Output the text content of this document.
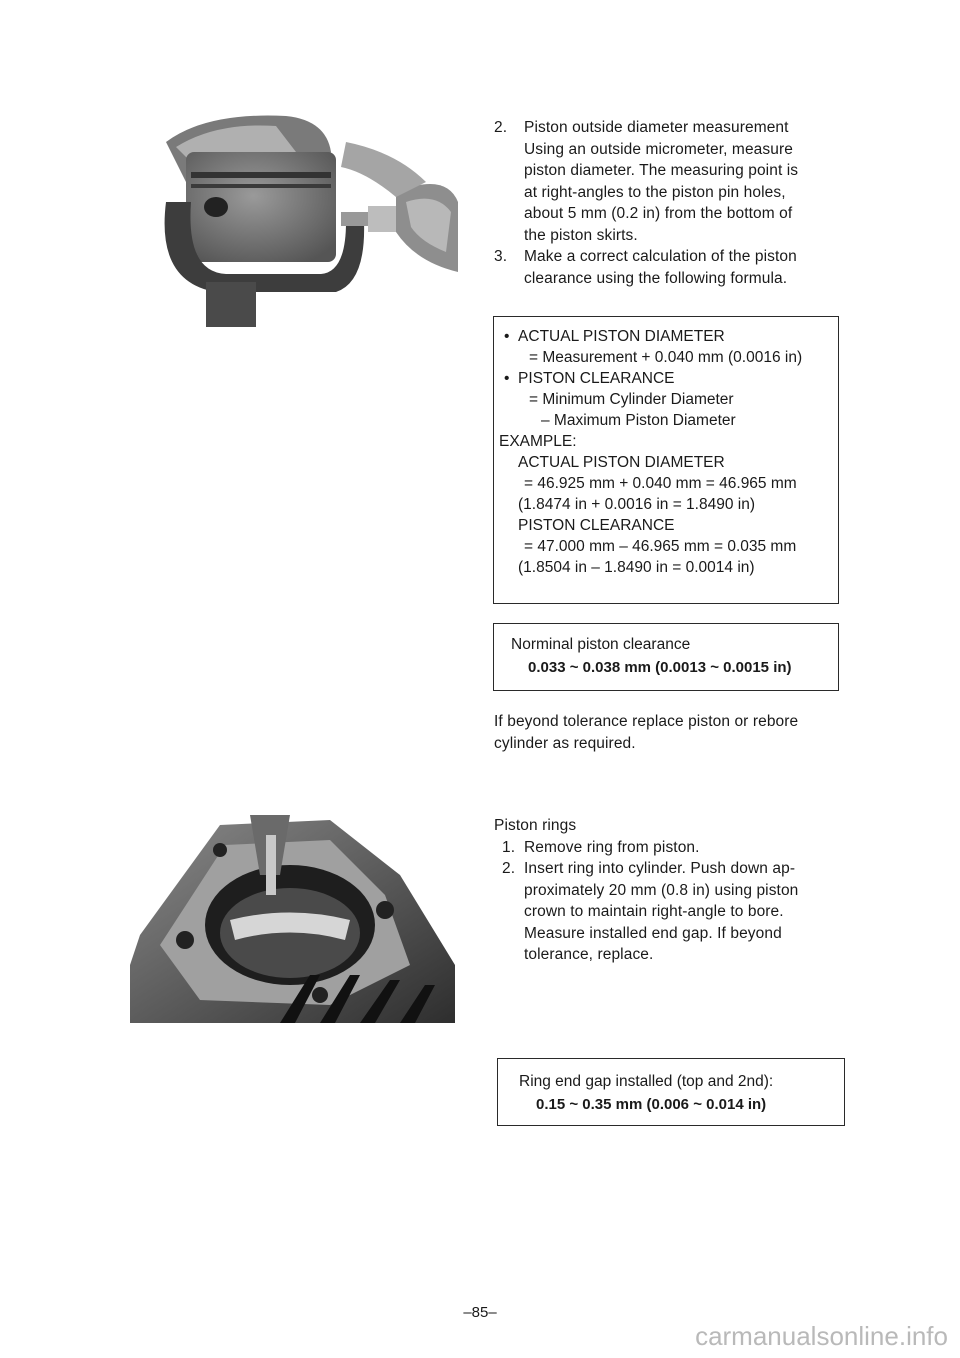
2.	Piston outside diameter measurement

Using an outside micrometer, measure

piston diameter. The measuring point is

at right-angles to the piston pin holes,

about 5 mm (0.2 in) from the bottom of

the piston skirts.

3.	Make a correct calculation of the piston

clearance using the following formula.

•  ACTUAL PISTON DIAMETER
= Measurement + 0.040 mm (0.0016 in)
•  PISTON CLEARANCE
= Minimum Cylinder Diameter
– Maximum Piston Diameter
EXAMPLE:
ACTUAL PISTON DIAMETER
= 46.925 mm + 0.040 mm = 46.965 mm
(1.8474 in + 0.0016 in = 1.8490 in)
PISTON CLEARANCE
= 47.000 mm – 46.965 mm = 0.035 mm
(1.8504 in – 1.8490 in = 0.0014 in)
Norminal piston clearance
0.033 ~ 0.038 mm (0.0013 ~ 0.0015 in)
If beyond tolerance replace piston or rebore
cylinder as required.
Piston rings
1. Remove ring from piston.

2. Insert ring into cylinder. Push down ap-

proximately 20 mm (0.8 in) using piston

crown to maintain right-angle to bore.

Measure installed end gap. If beyond

tolerance, replace.

Ring end gap installed (top and 2nd):
0.15 ~ 0.35 mm (0.006 ~ 0.014 in)
–85–
carmanualsonline.info
